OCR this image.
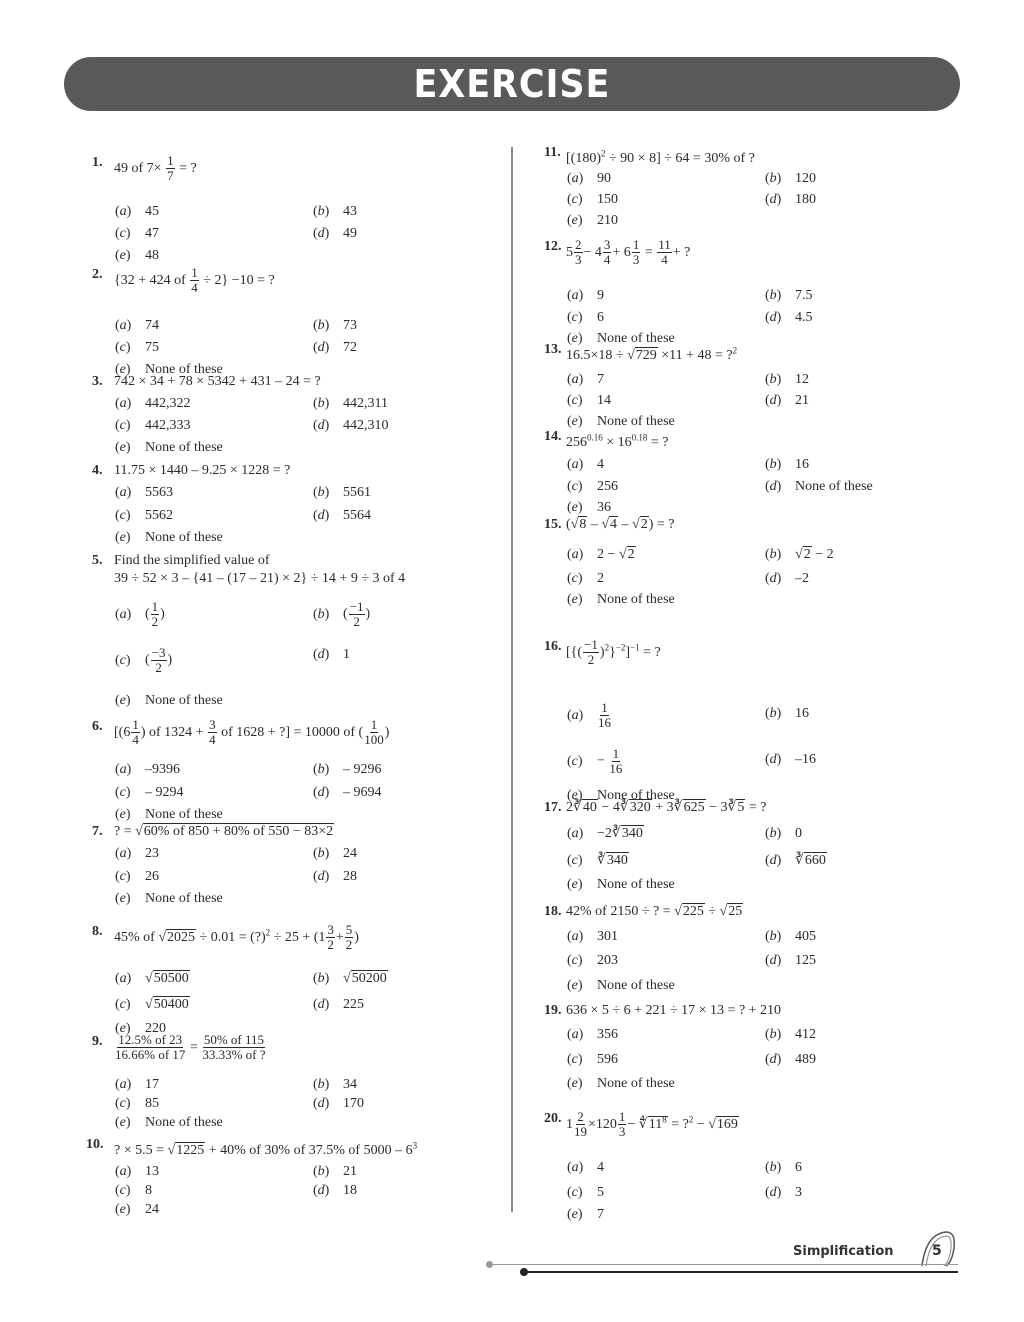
EXERCISE
1. 49 of $7\times \frac{1}{7}$ = ?
(a) 45	(b) 43
(c) 47	(d) 49
(e) 48
2. {32 + 424 of $\frac{1}{4} \div 2\} -10$ = ?
(a) 74	(b) 73
(c) 75	(d) 72
(e) None of these
3. 742 × 34 + 78 × 5342 + 431 – 24 = ?
(a) 442,322	(b) 442,311
(c) 442,333	(d) 442,310
(e) None of these
4. 11.75 × 1440 – 9.25 × 1228 = ?
(a) 5563	(b) 5561
(c) 5562	(d) 5564
(e) None of these
5. Find the simplified value of
39 ÷ 52 × 3 – {41 – (17 – 21) × 2} ÷ 14 + 9 ÷ 3 of 4
(a) ( $\frac{1}{2}$ )	(b) ( $\frac{-1}{2}$ )
(c) ( $\frac{-3}{2}$ )	(d) 1
(e) None of these
6. [($6 \frac{1}{4}$ ) of $1324 + \frac{3}{4}$ of 1628 + ?] = 10000 of ( $\frac{1}{100}$ )
(a) –9396	(b) – 9296
(c) – 9294	(d) – 9694
(e) None of these
7. ? = √60% of 850 + 80% of 550 − 83×2
(a) 23	(b) 24
(c) 26	(d) 28
(e) None of these
8. 45% of √2025 ÷ 0.01 = (?)$^2$ ÷ $25 + (1 \frac{3}{2} + \frac{5}{2}$ )
(a) √50500	(b) √50200
(c) √50400	(d) 225
(e) 220
9. $\frac{12.5\% of 23}{16.66\% of 17} = \frac{50\% of 115}{33.33\% of ?}$
(a) 17	(b) 34
(c) 85	(d) 170
(e) None of these
10. ? × 5.5 = √1225 + 40% of 30% of 37.5% of $5000 - 6^3$
(a) 13	(b) 21
(c) 8	(d) 18
(e) 24
11. $[(180)^2 \div 90 \times 8] \div 64 = 30\%$ of ?
(a) 90	(b) 120
(c) 150	(d) 180
(e) 210
12. $5 \frac{2}{3} - 4 \frac{3}{4} + 6 \frac{1}{3} = \frac{11}{4}$ + ?
(a) 9	(b) 7.5
(c) 6	(d) 4.5
(e) None of these
13. 16.5×18 ÷ √729 ×11 + 48 = ?$^2$
(a) 7	(b) 12
(c) 14	(d) 21
(e) None of these
14. $256^{0.16} \times 16^{0.18}$ = ?
(a) 4	(b) 16
(c) 256	(d) None of these
(e) 36
15. (√8 – √4 – √2) = ?
(a) 2 − √2	(b) √2 − 2
(c) 2	(d) –2
(e) None of these
16. [{( $\frac{-1}{2} )^2\}^{-2}]^{-1}$ = ?
$(a) \frac{1}{16}$	(b) 16
$(c) - \frac{1}{16}$	(d) –16
(e) None of these
17. 2∛40 − 4∛320 + 3∛625 − 3∛5 = ?
(a) −2∛340	(b) 0
(c) ∛340	(d) ∛660
(e) None of these
18. 42% of 2150 ÷ ? = √225 ÷ √25
(a) 301	(b) 405
(c) 203	(d) 125
(e) None of these
19. 636 × 5 ÷ 6 + 221 ÷ 17 × 13 = ? + 210
(a) 356	(b) 412
(c) 596	(d) 489
(e) None of these
20. $1 \frac{2}{19} \times 120 \frac{1}{3}$ − $∜11^8$ = ?$^2$ − √169
(a) 4	(b) 6
(c) 5	(d) 3
(e) 7
Simplification	5
